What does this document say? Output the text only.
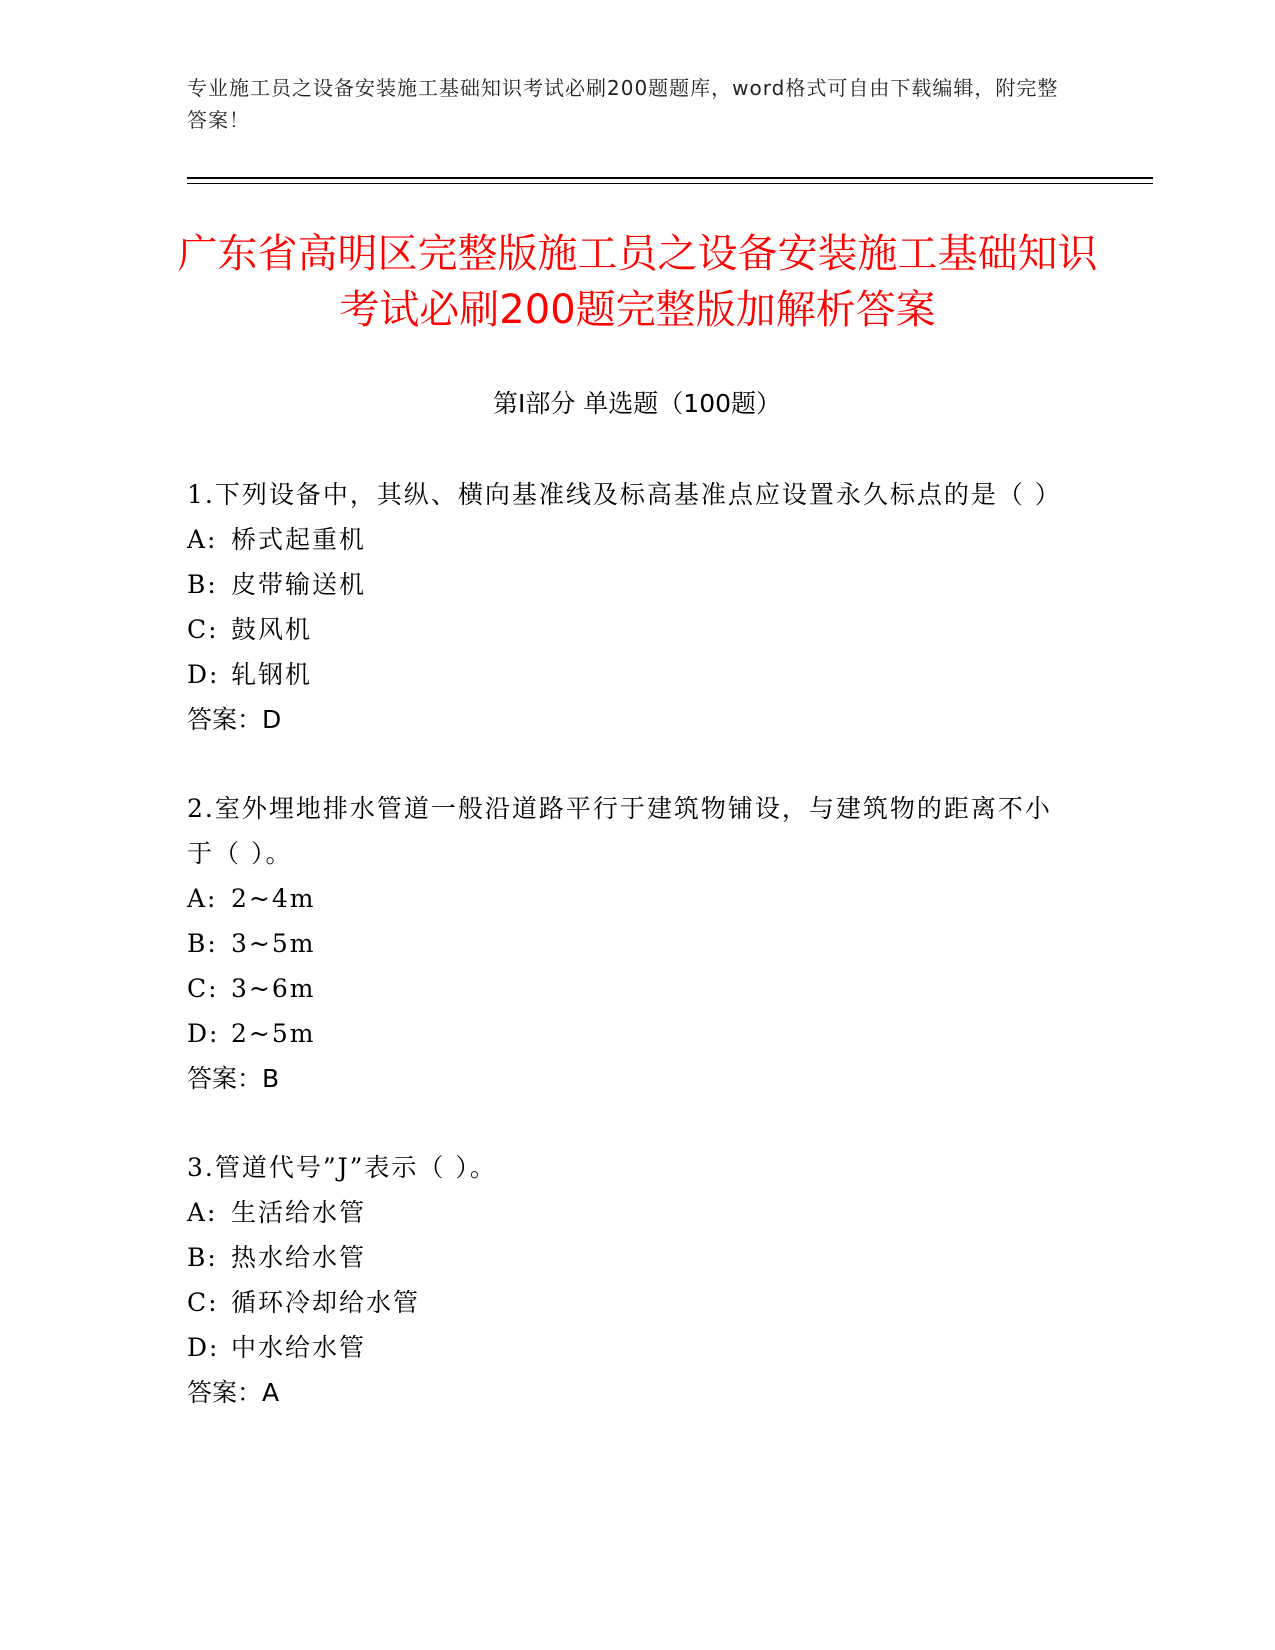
专业施工员之设备安装施工基础知识考试必刷200题题库，word格式可自由下载编辑，附完整答案！
广东省高明区完整版施工员之设备安装施工基础知识考试必刷200题完整版加解析答案
第I部分 单选题（100题）

1.下列设备中，其纵、横向基准线及标高基准点应设置永久标点的是（ ）

A: 桥式起重机

B: 皮带输送机

C: 鼓风机

D: 轧钢机

答案：D

2.室外埋地排水管道一般沿道路平行于建筑物铺设，与建筑物的距离不小于（ ）。

A: 2~4m

B: 3~5m

C: 3~6m

D: 2~5m

答案：B

3.管道代号”J”表示（ ）。

A: 生活给水管

B: 热水给水管

C: 循环冷却给水管

D: 中水给水管

答案：A
